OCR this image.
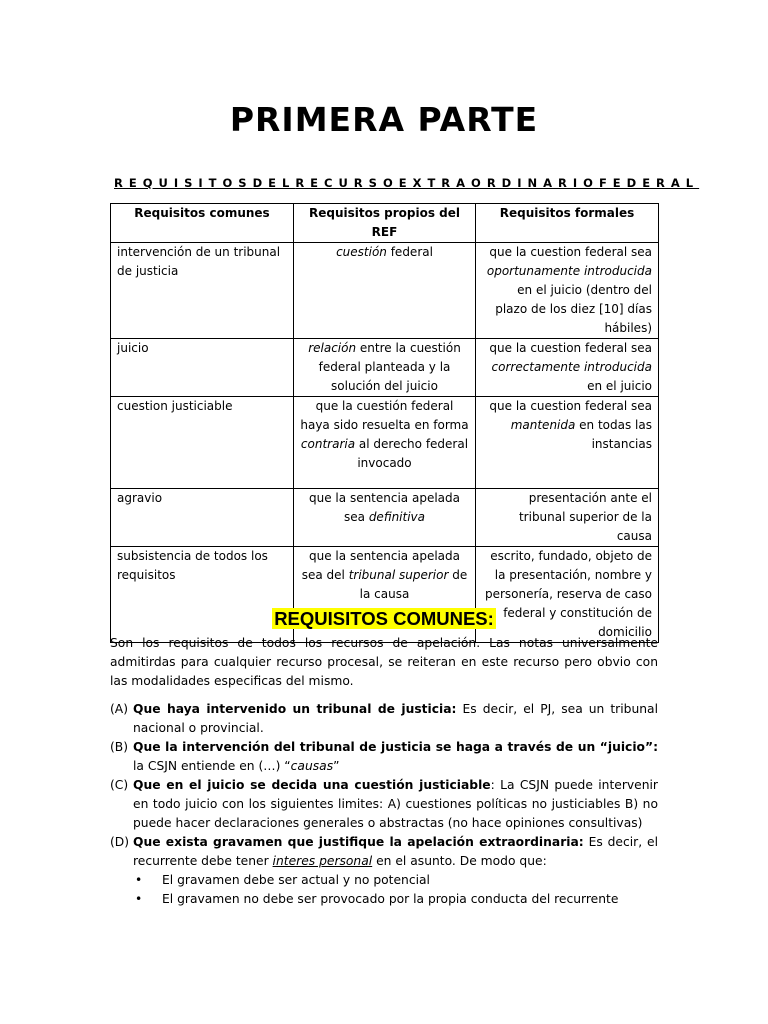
PRIMERA PARTE
REQUISITOS DEL RECURSO EXTRAORDINARIO FEDERAL
Requisitos comunes	Requisitos propios del REF	Requisitos formales
intervención de un tribunal de justicia	cuestión federal	que la cuestion federal sea oportunamente introducida en el juicio (dentro del plazo de los diez [10] días hábiles)
juicio	relación entre la cuestión federal planteada y la solución del juicio	que la cuestion federal sea correctamente introducida en el juicio
cuestion justiciable	que la cuestión federal haya sido resuelta en forma contraria al derecho federal invocado	que la cuestion federal sea mantenida en todas las instancias
agravio	que la sentencia apelada sea definitiva	presentación ante el tribunal superior de la causa
subsistencia de todos los requisitos	que la sentencia apelada sea del tribunal superior de la causa	escrito, fundado, objeto de la presentación, nombre y personería, reserva de caso federal y constitución de domicilio
REQUISITOS COMUNES:
Son los requisitos de todos los recursos de apelación. Las notas universalmente admitirdas para cualquier recurso procesal, se reiteran en este recurso pero obvio con las modalidades especificas del mismo.
(A) Que haya intervenido un tribunal de justicia: Es decir, el PJ, sea un tribunal nacional o provincial.
(B) Que la intervención del tribunal de justicia se haga a través de un “juicio”: la CSJN entiende en (…) “causas”
(C) Que en el juicio se decida una cuestión justiciable: La CSJN puede intervenir en todo juicio con los siguientes limites: A) cuestiones políticas no justiciables B) no puede hacer declaraciones generales o abstractas (no hace opiniones consultivas)
(D) Que exista gravamen que justifique la apelación extraordinaria: Es decir, el recurrente debe tener interes personal en el asunto. De modo que:
•	El gravamen debe ser actual y no potencial
•	El gravamen no debe ser provocado por la propia conducta del recurrente
